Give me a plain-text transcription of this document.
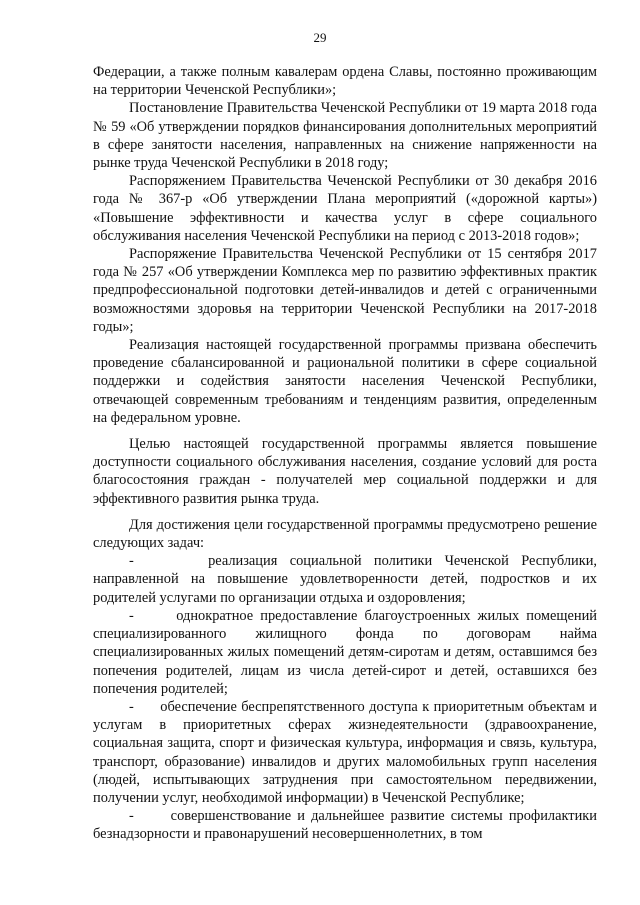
29

Федерации, а также полным кавалерам ордена Славы, постоянно проживающим на территории Чеченской Республики»;

Постановление Правительства Чеченской Республики от 19 марта 2018 года № 59 «Об утверждении порядков финансирования дополнительных мероприятий в сфере занятости населения, направленных на снижение напряженности на рынке труда Чеченской Республики в 2018 году;

Распоряжением Правительства Чеченской Республики от 30 декабря 2016 года № 367-р «Об утверждении Плана мероприятий («дорожной карты») «Повышение эффективности и качества услуг в сфере социального обслуживания населения Чеченской Республики на период с 2013-2018 годов»;

Распоряжение Правительства Чеченской Республики от 15 сентября 2017 года № 257 «Об утверждении Комплекса мер по развитию эффективных практик предпрофессиональной подготовки детей-инвалидов и детей с ограниченными возможностями здоровья на территории Чеченской Республики на 2017-2018 годы»;

Реализация настоящей государственной программы призвана обеспечить проведение сбалансированной и рациональной политики в сфере социальной поддержки и содействия занятости населения Чеченской Республики, отвечающей современным требованиям и тенденциям развития, определенным на федеральном уровне.

Целью настоящей государственной программы является повышение доступности социального обслуживания населения, создание условий для роста благосостояния граждан - получателей мер социальной поддержки и для эффективного развития рынка труда.

Для достижения цели государственной программы предусмотрено решение следующих задач:

-      реализация социальной политики Чеченской Республики, направленной на повышение удовлетворенности детей, подростков и их родителей услугами по организации отдыха и оздоровления;

-      однократное предоставление благоустроенных жилых помещений специализированного жилищного фонда по договорам найма специализированных жилых помещений детям-сиротам и детям, оставшимся без попечения родителей, лицам из числа детей-сирот и детей, оставшихся без попечения родителей;

-      обеспечение беспрепятственного доступа к приоритетным объектам и услугам в приоритетных сферах жизнедеятельности (здравоохранение, социальная защита, спорт и физическая культура, информация и связь, культура, транспорт, образование) инвалидов и других маломобильных групп населения (людей, испытывающих затруднения при самостоятельном передвижении, получении услуг, необходимой информации) в Чеченской Республике;

-      совершенствование и дальнейшее развитие системы профилактики безнадзорности и правонарушений несовершеннолетних, в том
